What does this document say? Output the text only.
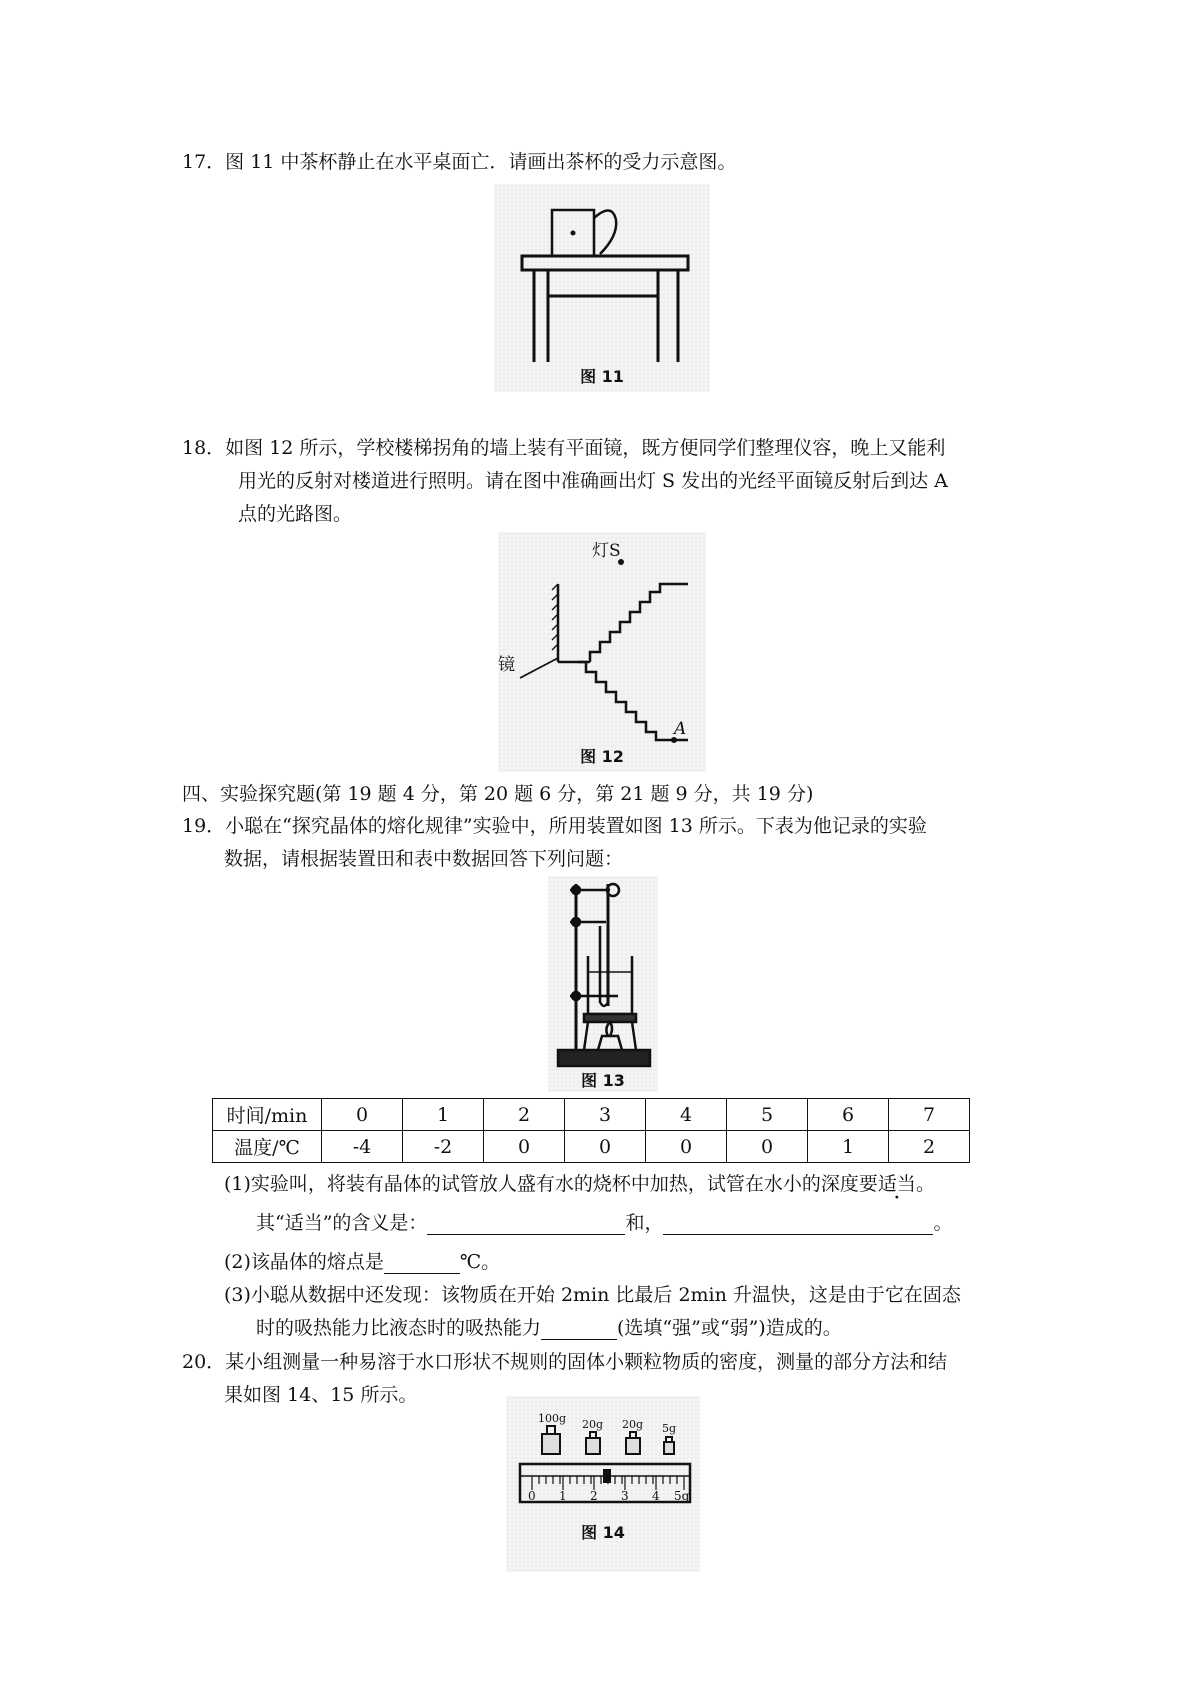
17．图 11 中茶杯静止在水平桌面亡．请画出茶杯的受力示意图。
图 11
18．如图 12 所示，学校楼梯拐角的墙上装有平面镜，既方便同学们整理仪容，晚上又能利
用光的反射对楼道进行照明。请在图中准确画出灯 S 发出的光经平面镜反射后到达 A
点的光路图。
灯S
镜
A
图 12
四、实验探究题(第 19 题 4 分，第 20 题 6 分，第 21 题 9 分，共 19 分)
19．小聪在“探究晶体的熔化规律”实验中，所用装置如图 13 所示。下表为他记录的实验
数据，请根据装置田和表中数据回答下列问题：
图 13
时间/min	0	1	2	3	4	5	6	7
温度/℃	-4	-2	0	0	0	0	1	2
(1)实验叫，将装有晶体的试管放人盛有水的烧杯中加热，试管在水小的深度要适当。
其“适当”的含义是：	和，	。
(2)该晶体的熔点是	℃。
(3)小聪从数据中还发现：该物质在开始 2min 比最后 2min 升温快，这是由于它在固态
时的吸热能力比液态时的吸热能力	(选填“强”或“弱”)造成的。
20．某小组测量一种易溶于水口形状不规则的固体小颗粒物质的密度，测量的部分方法和结
果如图 14、15 所示。
100g 20g 20g 5g
0 1 2 3 4 5g
图 14
